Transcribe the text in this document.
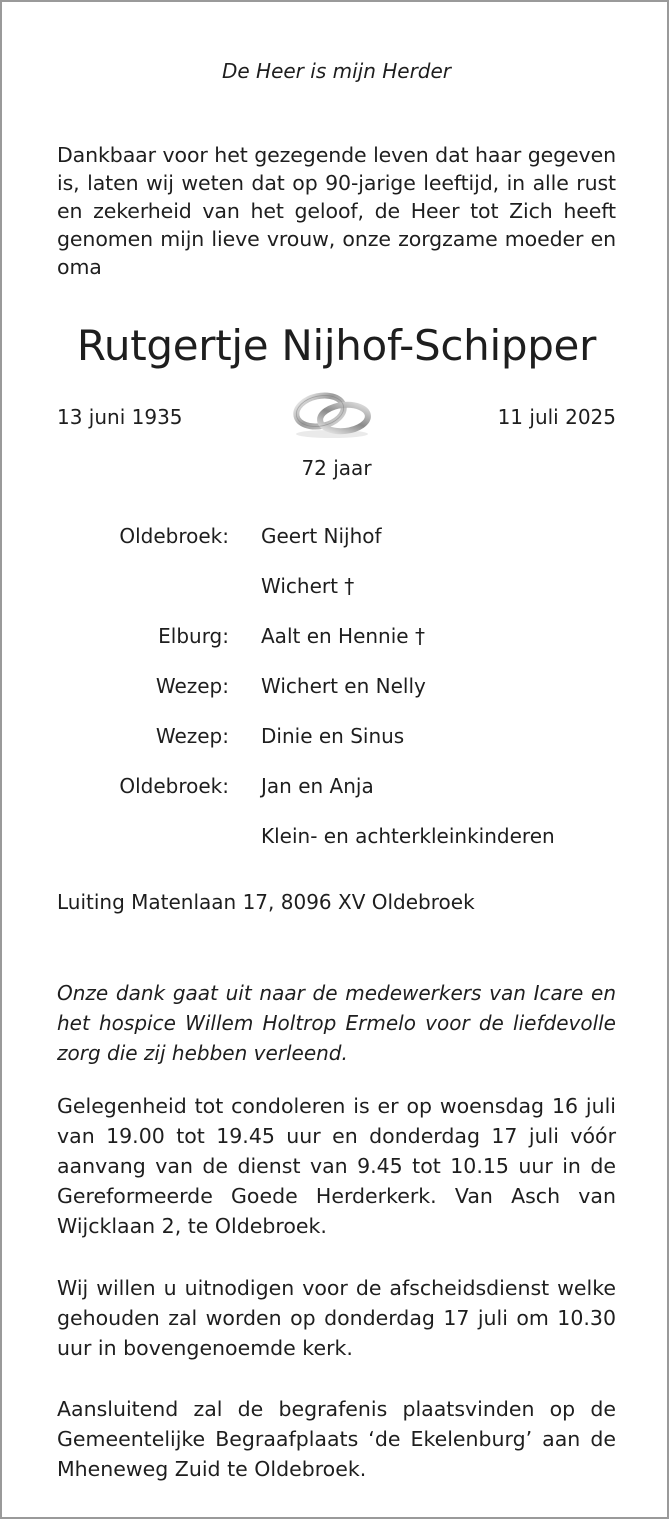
De Heer is mijn Herder

Dankbaar voor het gezegende leven dat haar gegeven is, laten wij weten dat op 90-jarige leeftijd, in alle rust en zekerheid van het geloof, de Heer tot Zich heeft genomen mijn lieve vrouw, onze zorgzame moeder en oma

Rutgertje Nijhof-Schipper
13 juni 1935	11 juli 2025
72 jaar
Oldebroek: Geert Nijhof
Wichert †
Elburg: Aalt en Hennie †
Wezep: Wichert en Nelly
Wezep: Dinie en Sinus
Oldebroek: Jan en Anja
Klein- en achterkleinkinderen
Luiting Matenlaan 17, 8096 XV Oldebroek

Onze dank gaat uit naar de medewerkers van Icare en het hospice Willem Holtrop Ermelo voor de liefdevolle zorg die zij hebben verleend.

Gelegenheid tot condoleren is er op woensdag 16 juli van 19.00 tot 19.45 uur en donderdag 17 juli vóór aanvang van de dienst van 9.45 tot 10.15 uur in de Gereformeerde Goede Herderkerk. Van Asch van Wijcklaan 2, te Oldebroek.

Wij willen u uitnodigen voor de afscheidsdienst welke gehouden zal worden op donderdag 17 juli om 10.30 uur in bovengenoemde kerk.

Aansluitend zal de begrafenis plaatsvinden op de Gemeentelijke Begraafplaats ‘de Ekelenburg’ aan de Mheneweg Zuid te Oldebroek.
